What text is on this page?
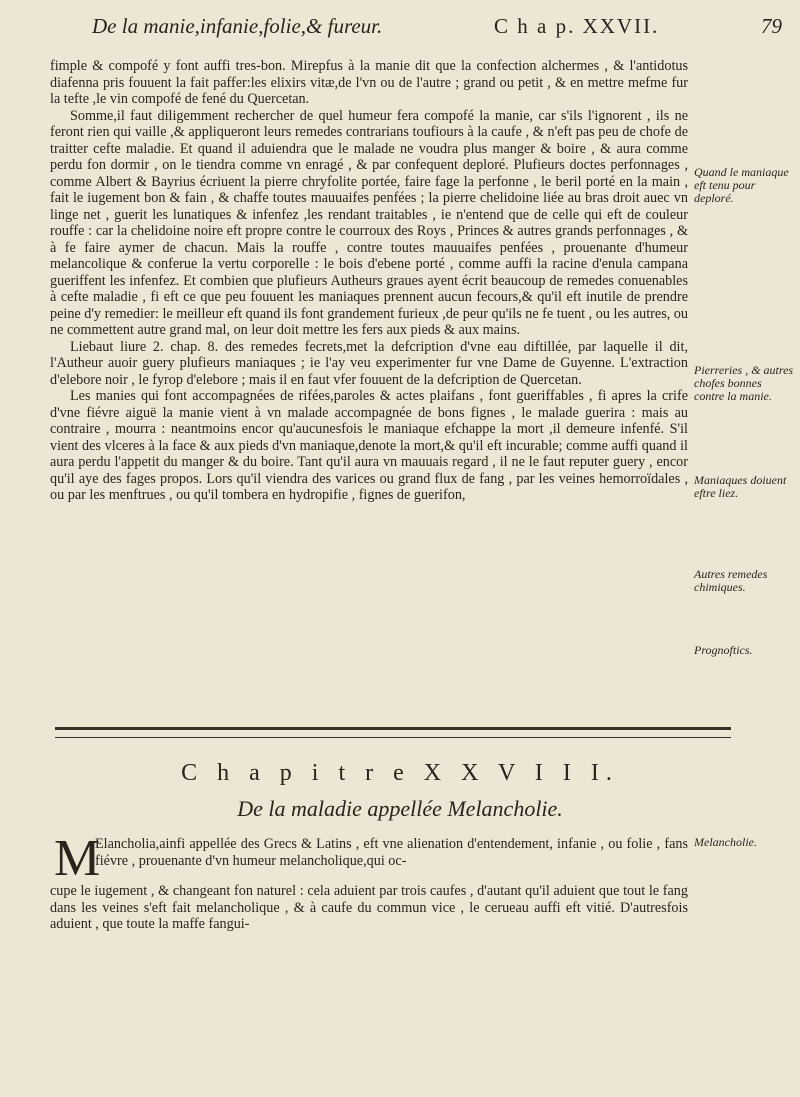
De la manie,infanie,folie,& fureur.	C h a p. XXVII.	79

fimple & compofé y font auffi tres-bon. Mirepfus à la manie dit que la confection alchermes , & l'antidotus diafenna pris fouuent la fait paffer:les elixirs vitæ,de l'vn ou de l'autre ; grand ou petit , & en mettre mefme fur la tefte ,le vin compofé de fené du Quercetan.

Somme,il faut diligemment rechercher de quel humeur fera compofé la manie, car s'ils l'ignorent , ils ne feront rien qui vaille ,& appliqueront leurs remedes contrarians toufiours à la caufe , & n'eft pas peu de chofe de traitter cefte maladie. Et quand il aduiendra que le malade ne voudra plus manger & boire , & aura comme perdu fon dormir , on le tiendra comme vn enragé , & par confequent deploré. Plufieurs doctes perfonnages , comme Albert & Bayrius écriuent la pierre chryfolite portée, faire fage la perfonne , le beril porté en la main , fait le iugement bon & fain , & chaffe toutes mauuaifes penfées ; la pierre chelidoine liée au bras droit auec vn linge net , guerit les lunatiques & infenfez ,les rendant traitables , ie n'entend que de celle qui eft de couleur rouffe : car la chelidoine noire eft propre contre le courroux des Roys , Princes & autres grands perfonnages , & à fe faire aymer de chacun. Mais la rouffe , contre toutes mauuaifes penfées , prouenante d'humeur melancolique & conferue la vertu corporelle : le bois d'ebene porté , comme auffi la racine d'enula campana gueriffent les infenfez. Et combien que plufieurs Autheurs graues ayent écrit beaucoup de remedes conuenables à cefte maladie , fi eft ce que peu fouuent les maniaques prennent aucun fecours,& qu'il eft inutile de prendre peine d'y remedier: le meilleur eft quand ils font grandement furieux ,de peur qu'ils ne fe tuent , ou les autres, ou ne commettent autre grand mal, on leur doit mettre les fers aux pieds & aux mains.

Liebaut liure 2. chap. 8. des remedes fecrets,met la defcription d'vne eau diftillée, par laquelle il dit, l'Autheur auoir guery plufieurs maniaques ; ie l'ay veu experimenter fur vne Dame de Guyenne. L'extraction d'elebore noir , le fyrop d'elebore ; mais il en faut vfer fouuent de la defcription de Quercetan.

Les manies qui font accompagnées de rifées,paroles & actes plaifans , font gueriffables , fi apres la crife d'vne fiévre aiguë la manie vient à vn malade accompagnée de bons fignes , le malade guerira : mais au contraire , mourra : neantmoins encor qu'aucunesfois le maniaque efchappe la mort ,il demeure infenfé. S'il vient des vlceres à la face & aux pieds d'vn maniaque,denote la mort,& qu'il eft incurable; comme auffi quand il aura perdu l'appetit du manger & du boire. Tant qu'il aura vn mauuais regard , il ne le faut reputer guery , encor qu'il aye des fages propos. Lors qu'il viendra des varices ou grand flux de fang , par les veines hemorroïdales , ou par les menftrues , ou qu'il tombera en hydropifie , fignes de guerifon,

Quand le maniaque eft tenu pour deploré.
Pierreries , & autres chofes bonnes contre la manie.
Maniaques doiuent eftre liez.
Autres remedes chimiques.
Prognoftics.
C h a p i t r e X X V I I I.
De la maladie appellée Melancholie.
M

Elancholia,ainfi appellée des Grecs & Latins , eft vne alienation d'entendement, infanie , ou folie , fans fiévre , prouenante d'vn humeur melancholique,qui oc-

cupe le iugement , & changeant fon naturel : cela aduient par trois caufes , d'autant qu'il aduient que tout le fang dans les veines s'eft fait melancholique , & à caufe du commun vice , le cerueau auffi eft vitié. D'autresfois aduient , que toute la maffe fangui-

Melancholie.
